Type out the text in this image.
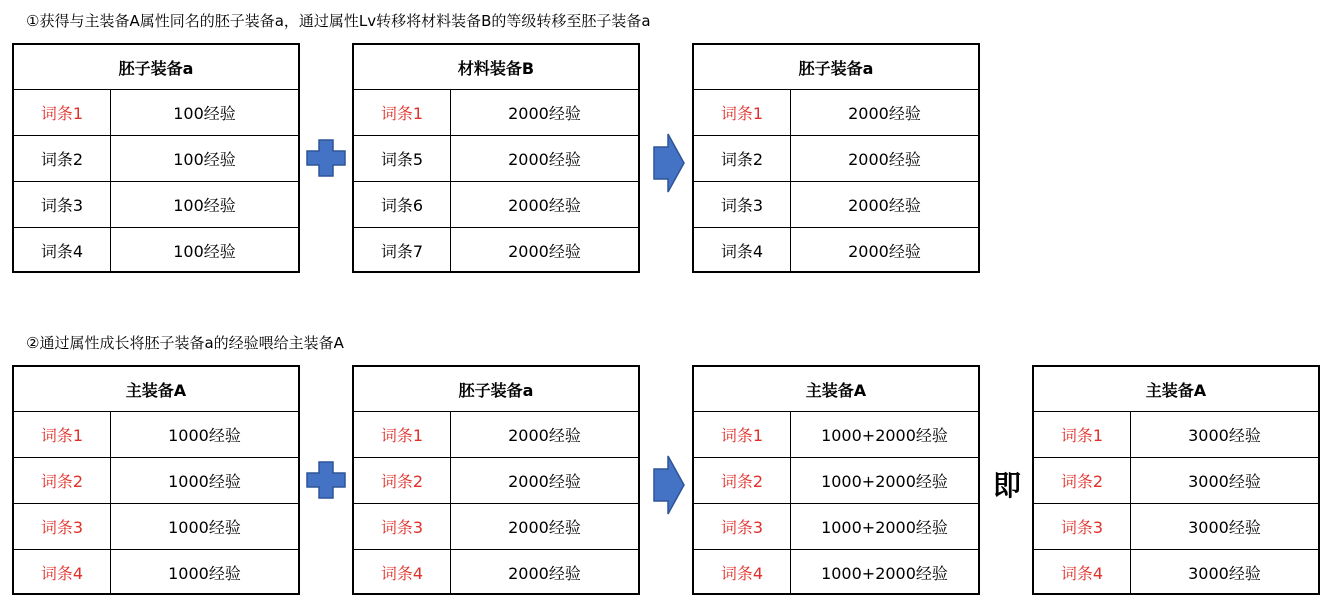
①获得与主装备A属性同名的胚子装备a，通过属性Lv转移将材料装备B的等级转移至胚子装备a
胚子装备a
词条1	100经验
词条2	100经验
词条3	100经验
词条4	100经验
材料装备B
词条1	2000经验
词条5	2000经验
词条6	2000经验
词条7	2000经验
胚子装备a
词条1	2000经验
词条2	2000经验
词条3	2000经验
词条4	2000经验
②通过属性成长将胚子装备a的经验喂给主装备A
主装备A
词条1	1000经验
词条2	1000经验
词条3	1000经验
词条4	1000经验
胚子装备a
词条1	2000经验
词条2	2000经验
词条3	2000经验
词条4	2000经验
主装备A
词条1	1000+2000经验
词条2	1000+2000经验
词条3	1000+2000经验
词条4	1000+2000经验
即
主装备A
词条1	3000经验
词条2	3000经验
词条3	3000经验
词条4	3000经验
